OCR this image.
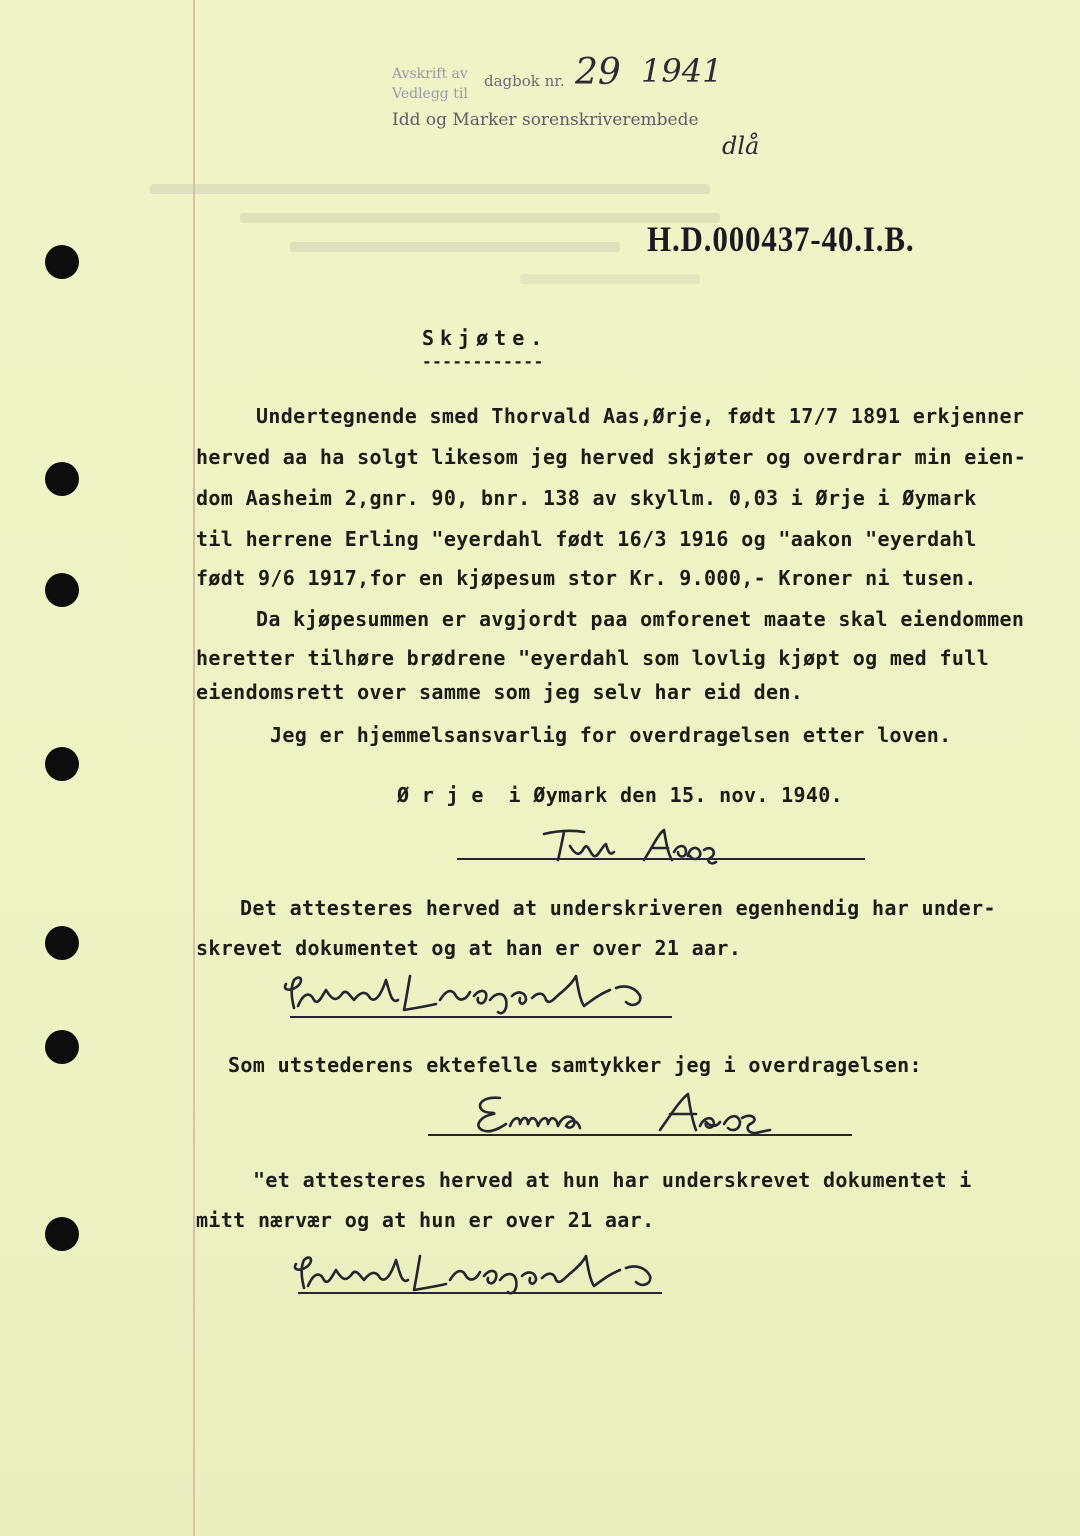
Avskrift av dagbok nr. 29 1941
Vedlegg til
Idd og Marker sorenskriverembede
dlå
H.D.000437-40.I.B.
Skjøte.
------------
Undertegnende smed Thorvald Aas,Ørje, født 17/7 1891 erkjenner
herved aa ha solgt likesom jeg herved skjøter og overdrar min eien-
dom Aasheim 2,gnr. 90, bnr. 138 av skyllm. 0,03 i Ørje i Øymark
til herrene Erling "eyerdahl født 16/3 1916 og "aakon "eyerdahl
født 9/6 1917,for en kjøpesum stor Kr. 9.000,- Kroner ni tusen.
Da kjøpesummen er avgjordt paa omforenet maate skal eiendommen
heretter tilhøre brødrene "eyerdahl som lovlig kjøpt og med full
eiendomsrett over samme som jeg selv har eid den.
Jeg er hjemmelsansvarlig for overdragelsen etter loven.
Ø r j e  i Øymark den 15. nov. 1940.
Det attesteres herved at underskriveren egenhendig har under-
skrevet dokumentet og at han er over 21 aar.
Som utstederens ektefelle samtykker jeg i overdragelsen:
"et attesteres herved at hun har underskrevet dokumentet i
mitt nærvær og at hun er over 21 aar.
